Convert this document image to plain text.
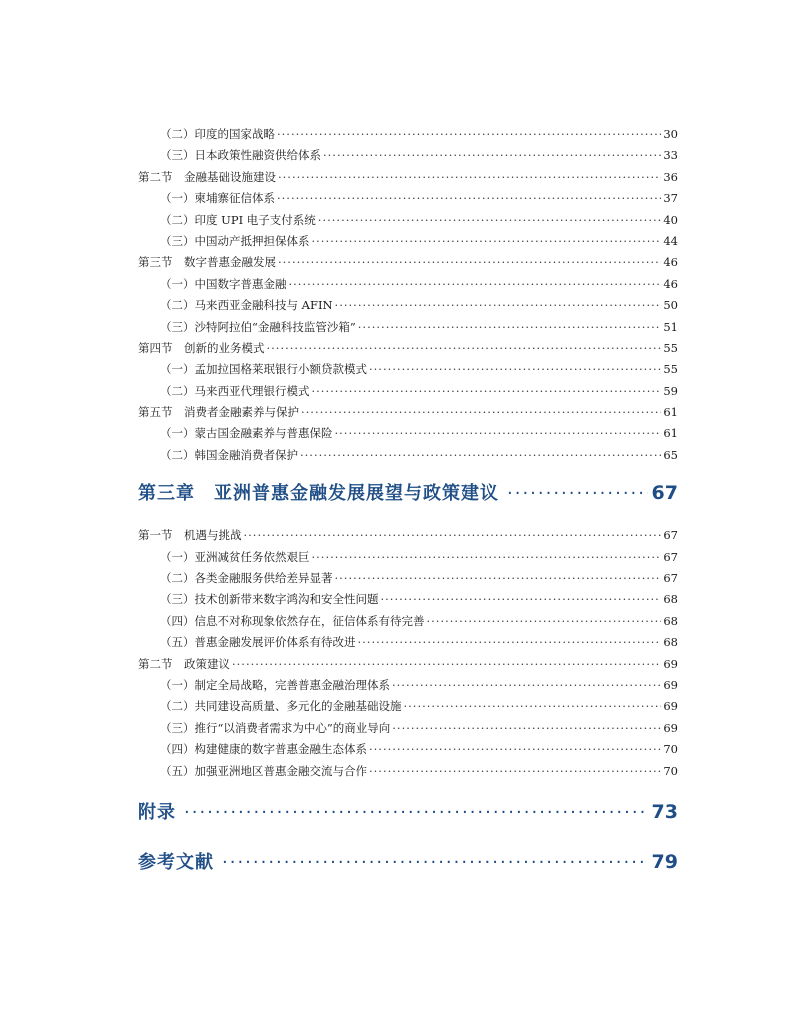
（二）印度的国家战略 ·····	30
（三）日本政策性融资供给体系 ·····	33
第二节　金融基础设施建设 ·····	36
（一）柬埔寨征信体系 ·····	37
（二）印度 UPI 电子支付系统 ·····	40
（三）中国动产抵押担保体系 ·····	44
第三节　数字普惠金融发展 ·····	46
（一）中国数字普惠金融 ·····	46
（二）马来西亚金融科技与 AFIN ·····	50
（三）沙特阿拉伯“金融科技监管沙箱” ·····	51
第四节　创新的业务模式 ·····	55
（一）孟加拉国格莱珉银行小额贷款模式 ·····	55
（二）马来西亚代理银行模式 ·····	59
第五节　消费者金融素养与保护 ·····	61
（一）蒙古国金融素养与普惠保险 ·····	61
（二）韩国金融消费者保护 ·····	65
第三章　亚洲普惠金融发展展望与政策建议 ·····	67
第一节　机遇与挑战 ·····	67
（一）亚洲减贫任务依然艰巨 ·····	67
（二）各类金融服务供给差异显著 ·····	67
（三）技术创新带来数字鸿沟和安全性问题 ·····	68
（四）信息不对称现象依然存在，征信体系有待完善 ·····	68
（五）普惠金融发展评价体系有待改进 ·····	68
第二节　政策建议 ·····	69
（一）制定全局战略，完善普惠金融治理体系 ·····	69
（二）共同建设高质量、多元化的金融基础设施 ·····	69
（三）推行“以消费者需求为中心”的商业导向 ·····	69
（四）构建健康的数字普惠金融生态体系 ·····	70
（五）加强亚洲地区普惠金融交流与合作 ·····	70
附录 ·····	73
参考文献 ·····	79
